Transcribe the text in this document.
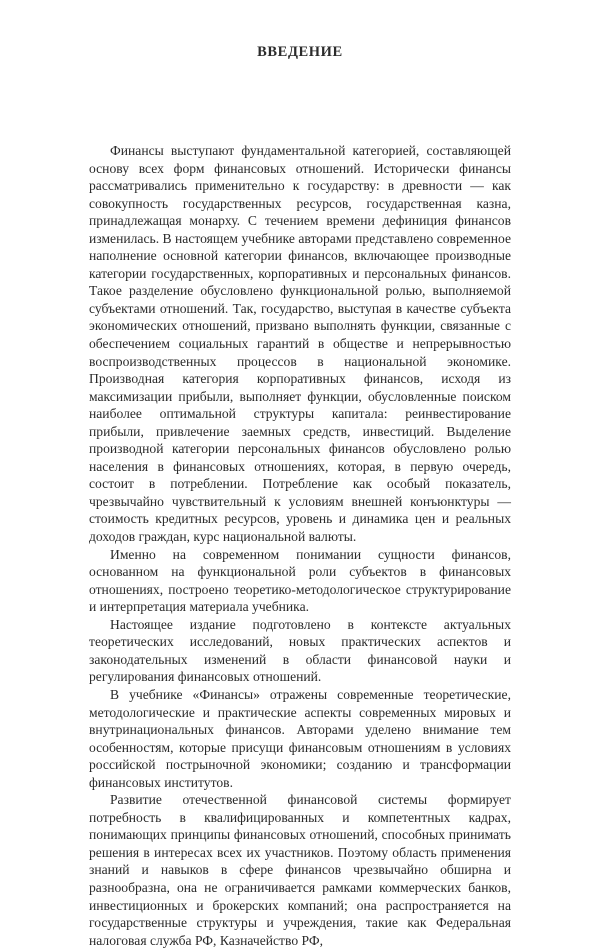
ВВЕДЕНИЕ

Финансы выступают фундаментальной категорией, составляющей основу всех форм финансовых отношений. Исторически финансы рассматривались применительно к государству: в древности — как совокупность государственных ресурсов, государственная казна, принадлежащая монарху. С течением времени дефиниция финансов изменилась. В настоящем учебнике авторами представлено современное наполнение основной категории финансов, включающее производные категории государственных, корпоративных и персональных финансов. Такое разделение обусловлено функциональной ролью, выполняемой субъектами отношений. Так, государство, выступая в качестве субъекта экономических отношений, призвано выполнять функции, связанные с обеспечением социальных гарантий в обществе и непрерывностью воспроизводственных процессов в национальной экономике. Производная категория корпоративных финансов, исходя из максимизации прибыли, выполняет функции, обусловленные поиском наиболее оптимальной структуры капитала: реинвестирование прибыли, привлечение заемных средств, инвестиций. Выделение производной категории персональных финансов обусловлено ролью населения в финансовых отношениях, которая, в первую очередь, состоит в потреблении. Потребление как особый показатель, чрезвычайно чувствительный к условиям внешней конъюнктуры — стоимость кредитных ресурсов, уровень и динамика цен и реальных доходов граждан, курс национальной валюты.

Именно на современном понимании сущности финансов, основанном на функциональной роли субъектов в финансовых отношениях, построено теоретико-методологическое структурирование и интерпретация материала учебника.

Настоящее издание подготовлено в контексте актуальных теоретических исследований, новых практических аспектов и законодательных изменений в области финансовой науки и регулирования финансовых отношений.

В учебнике «Финансы» отражены современные теоретические, методологические и практические аспекты современных мировых и внутринациональных финансов. Авторами уделено внимание тем особенностям, которые присущи финансовым отношениям в условиях российской пострыночной экономики; созданию и трансформации финансовых институтов.

Развитие отечественной финансовой системы формирует потребность в квалифицированных и компетентных кадрах, понимающих принципы финансовых отношений, способных принимать решения в интересах всех их участников. Поэтому область применения знаний и навыков в сфере финансов чрезвычайно обширна и разнообразна, она не ограничивается рамками коммерческих банков, инвестиционных и брокерских компаний; она распространяется на государственные структуры и учреждения, такие как Федеральная налоговая служба РФ, Казначейство РФ,
